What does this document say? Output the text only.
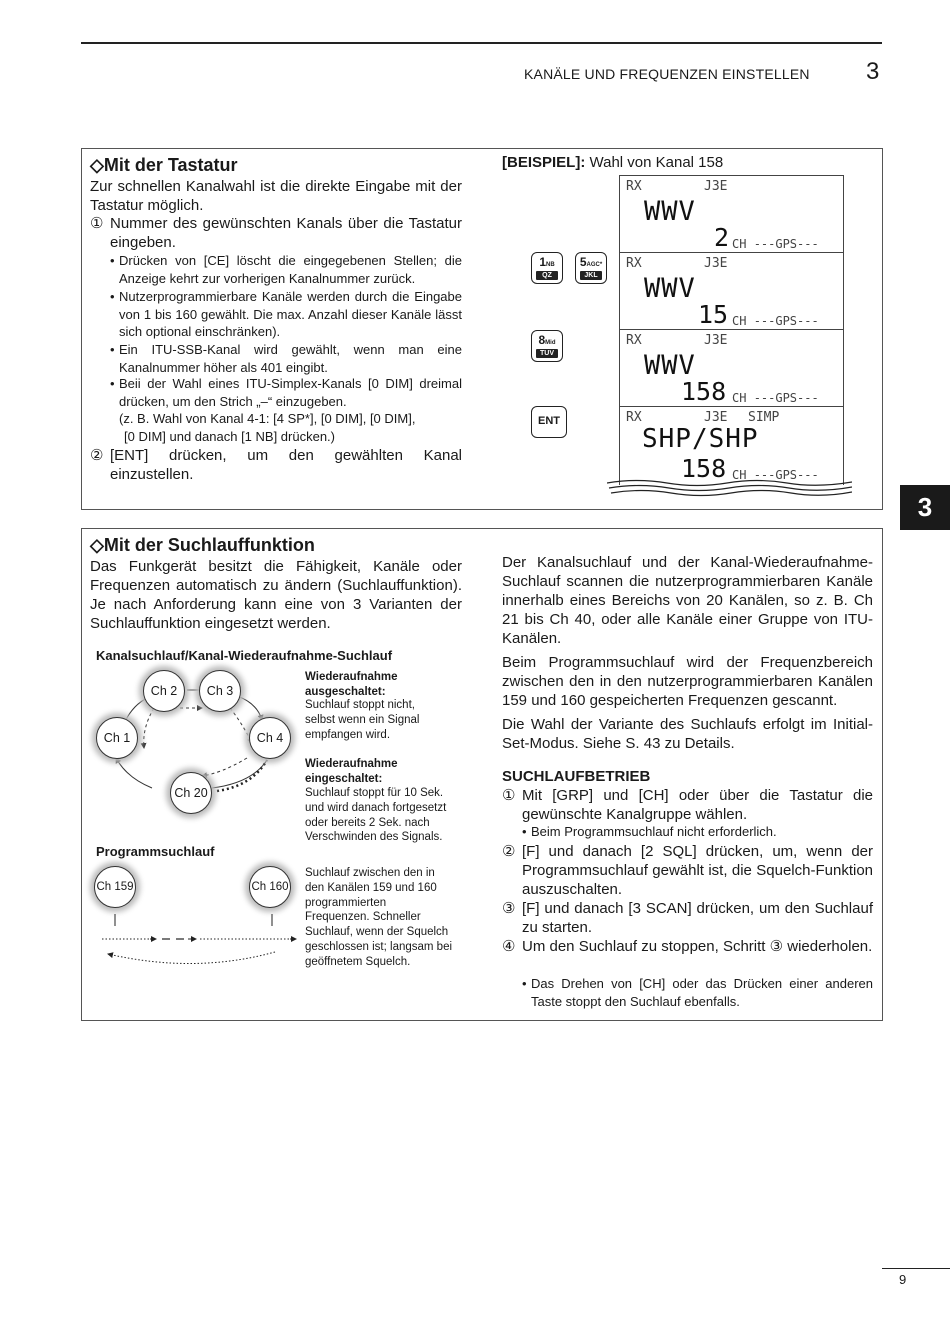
KANÄLE UND FREQUENZEN EINSTELLEN 3
◇Mit der Tastatur
Zur schnellen Kanalwahl ist die direkte Eingabe mit der Tastatur möglich.
① Nummer des gewünschten Kanals über die Tastatur eingeben.
• Drücken von [CE] löscht die eingegebenen Stellen; die Anzeige kehrt zur vorherigen Kanalnummer zurück.
• Nutzerprogrammierbare Kanäle werden durch die Eingabe von 1 bis 160 gewählt. Die max. Anzahl dieser Kanäle lässt sich optional einschränken).
• Ein ITU-SSB-Kanal wird gewählt, wenn man eine Kanalnummer höher als 401 eingibt.
• Beii der Wahl eines ITU-Simplex-Kanals [0 DIM] dreimal drücken, um den Strich „–“ einzugeben.
(z. B. Wahl von Kanal 4-1: [4 SP*], [0 DIM], [0 DIM],
[0 DIM] und danach [1 NB] drücken.)
② [ENT] drücken, um den gewählten Kanal einzustellen.
[BEISPIEL]: Wahl von Kanal 158
1NB
QZ
5AGC*
JKL
8Mid
TUV
ENT
RX	J3E
WWV
2 CH ---GPS---
RX	J3E
WWV
15 CH ---GPS---
RX	J3E
WWV
158 CH ---GPS---
RX	J3E SIMP
SHP/SHP
158 CH ---GPS---
3
◇Mit der Suchlauffunktion
Das Funkgerät besitzt die Fähigkeit, Kanäle oder Frequenzen automatisch zu ändern (Suchlauffunktion). Je nach Anforderung kann eine von 3 Varianten der Suchlauffunktion eingesetzt werden.
Kanalsuchlauf/Kanal-Wiederaufnahme-Suchlauf
Ch 2	Ch 3
Ch 1	Ch 4
Ch 20
Wiederaufnahme ausgeschaltet:
Suchlauf stoppt nicht, selbst wenn ein Signal empfangen wird.
Wiederaufnahme eingeschaltet:
Suchlauf stoppt für 10 Sek. und wird danach fortgesetzt oder bereits 2 Sek. nach Verschwinden des Signals.
Programmsuchlauf
Ch 159	Ch 160
Suchlauf zwischen den in den Kanälen 159 und 160 programmierten Frequenzen. Schneller Suchlauf, wenn der Squelch geschlossen ist; langsam bei geöffnetem Squelch.
Der Kanalsuchlauf und der Kanal-Wiederaufnahme-Suchlauf scannen die nutzerprogrammierbaren Kanäle innerhalb eines Bereichs von 20 Kanälen, so z. B. Ch 21 bis Ch 40, oder alle Kanäle einer Gruppe von ITU-Kanälen.
Beim Programmsuchlauf wird der Frequenzbereich zwischen den in den nutzerprogrammierbaren Kanälen 159 und 160 gespeicherten Frequenzen gescannt.
Die Wahl der Variante des Suchlaufs erfolgt im Initial-Set-Modus. Siehe S. 43 zu Details.
SUCHLAUFBETRIEB
① Mit [GRP] und [CH] oder über die Tastatur die gewünschte Kanalgruppe wählen.
• Beim Programmsuchlauf nicht erforderlich.
② [F] und danach [2 SQL] drücken, um, wenn der Programmsuchlauf gewählt ist, die Squelch-Funktion auszuschalten.
③ [F] und danach [3 SCAN] drücken, um den Suchlauf zu starten.
④ Um den Suchlauf zu stoppen, Schritt ③ wiederholen.
• Das Drehen von [CH] oder das Drücken einer anderen Taste stoppt den Suchlauf ebenfalls.
9
